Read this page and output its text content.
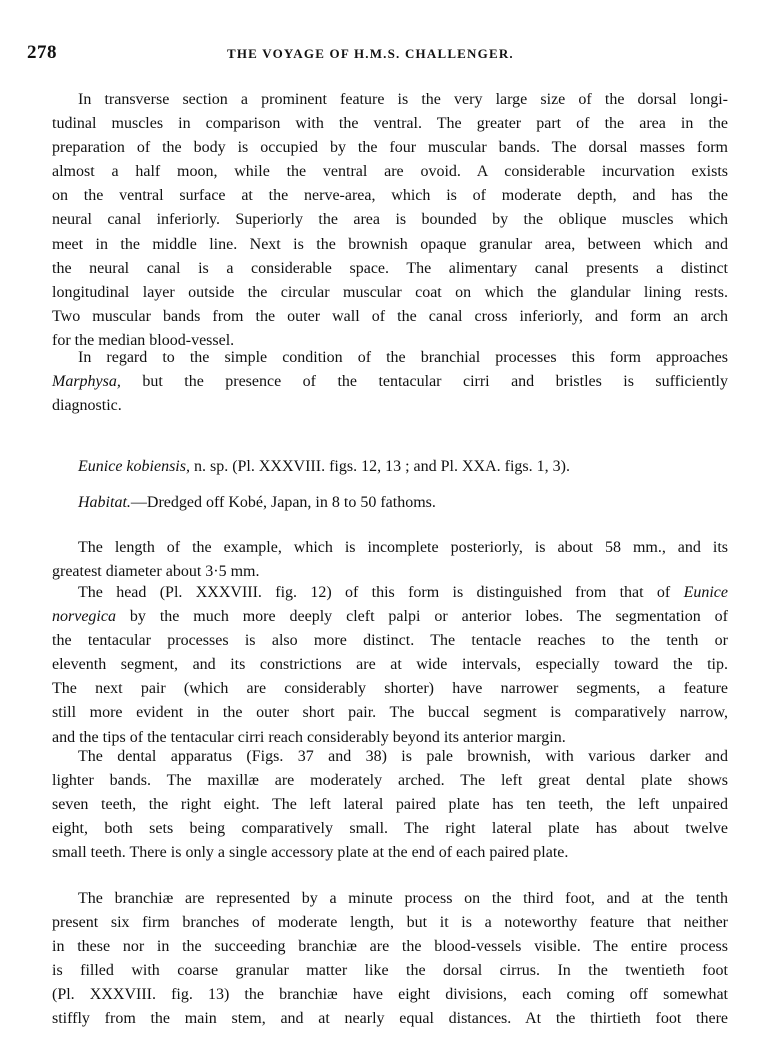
278	THE VOYAGE OF H.M.S. CHALLENGER.
In transverse section a prominent feature is the very large size of the dorsal longi-
tudinal muscles in comparison with the ventral. The greater part of the area in the
preparation of the body is occupied by the four muscular bands. The dorsal masses form
almost a half moon, while the ventral are ovoid. A considerable incurvation exists
on the ventral surface at the nerve-area, which is of moderate depth, and has the
neural canal inferiorly. Superiorly the area is bounded by the oblique muscles which
meet in the middle line. Next is the brownish opaque granular area, between which and
the neural canal is a considerable space. The alimentary canal presents a distinct
longitudinal layer outside the circular muscular coat on which the glandular lining rests.
Two muscular bands from the outer wall of the canal cross inferiorly, and form an arch
for the median blood-vessel.
In regard to the simple condition of the branchial processes this form approaches
Marphysa, but the presence of the tentacular cirri and bristles is sufficiently
diagnostic.
Eunice kobiensis, n. sp. (Pl. XXXVIII. figs. 12, 13 ; and Pl. XXA. figs. 1, 3).
Habitat.—Dredged off Kobé, Japan, in 8 to 50 fathoms.
The length of the example, which is incomplete posteriorly, is about 58 mm., and its
greatest diameter about 3·5 mm.
The head (Pl. XXXVIII. fig. 12) of this form is distinguished from that of Eunice
norvegica by the much more deeply cleft palpi or anterior lobes. The segmentation of
the tentacular processes is also more distinct. The tentacle reaches to the tenth or
eleventh segment, and its constrictions are at wide intervals, especially toward the tip.
The next pair (which are considerably shorter) have narrower segments, a feature
still more evident in the outer short pair. The buccal segment is comparatively narrow,
and the tips of the tentacular cirri reach considerably beyond its anterior margin.
The dental apparatus (Figs. 37 and 38) is pale brownish, with various darker and
lighter bands. The maxillæ are moderately arched. The left great dental plate shows
seven teeth, the right eight. The left lateral paired plate has ten teeth, the left unpaired
eight, both sets being comparatively small. The right lateral plate has about twelve
small teeth. There is only a single accessory plate at the end of each paired plate.
The branchiæ are represented by a minute process on the third foot, and at the tenth
present six firm branches of moderate length, but it is a noteworthy feature that neither
in these nor in the succeeding branchiæ are the blood-vessels visible. The entire process
is filled with coarse granular matter like the dorsal cirrus. In the twentieth foot
(Pl. XXXVIII. fig. 13) the branchiæ have eight divisions, each coming off somewhat
stiffly from the main stem, and at nearly equal distances. At the thirtieth foot there
